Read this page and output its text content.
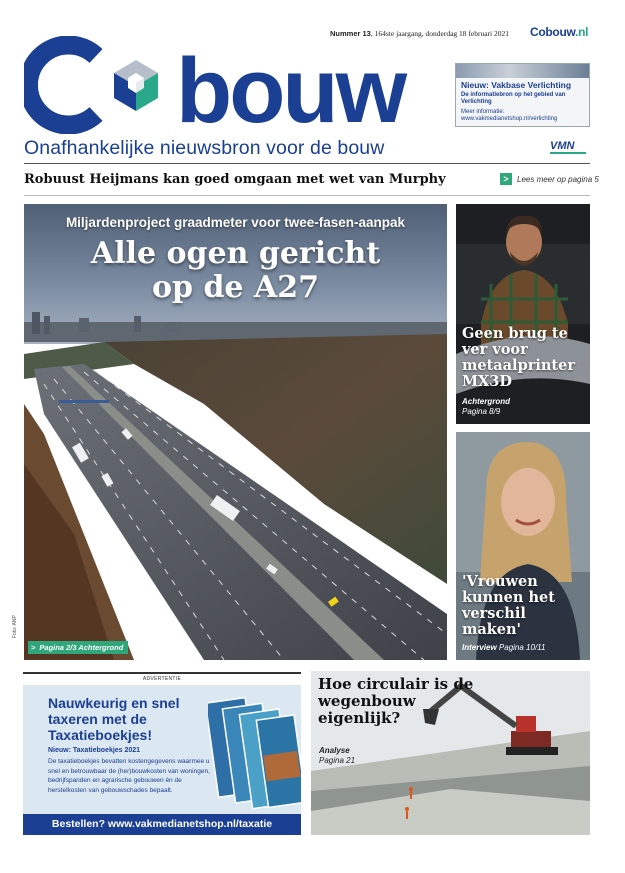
Nummer 13, 164ste jaargang, donderdag 18 februari 2021	Cobouw.nl
bouw
Onafhankelijke nieuwsbron voor de bouw
Nieuw: Vakbase Verlichting
De informatiebron op het gebied van Verlichting
Meer informatie: www.vakmedianetshop.nl/verlichting
VMN
Robuust Heijmans kan goed omgaan met wet van Murphy	>	Lees meer op pagina 5
Miljardenproject graadmeter voor twee-fasen-aanpak
Alle ogen gericht
op de A27
> Pagina 2/3 Achtergrond
Foto: ANP
Geen brug te ver voor metaalprinter MX3D
Achtergrond
Pagina 8/9
'Vrouwen kunnen het verschil maken'
Interview Pagina 10/11
ADVERTENTIE
Nauwkeurig en snel taxeren met de Taxatieboekjes!
Nieuw: Taxatieboekjes 2021
De taxatieboekjes bevatten kostengegevens waarmee u snel en betrouwbaar de (her)bouwkosten van woningen, bedrijfspanden en agrarische gebouwen én de herstelkosten van gebouwschades bepaalt.
Bestellen? www.vakmedianetshop.nl/taxatie
Hoe circulair is de wegenbouw eigenlijk?
Analyse
Pagina 21
